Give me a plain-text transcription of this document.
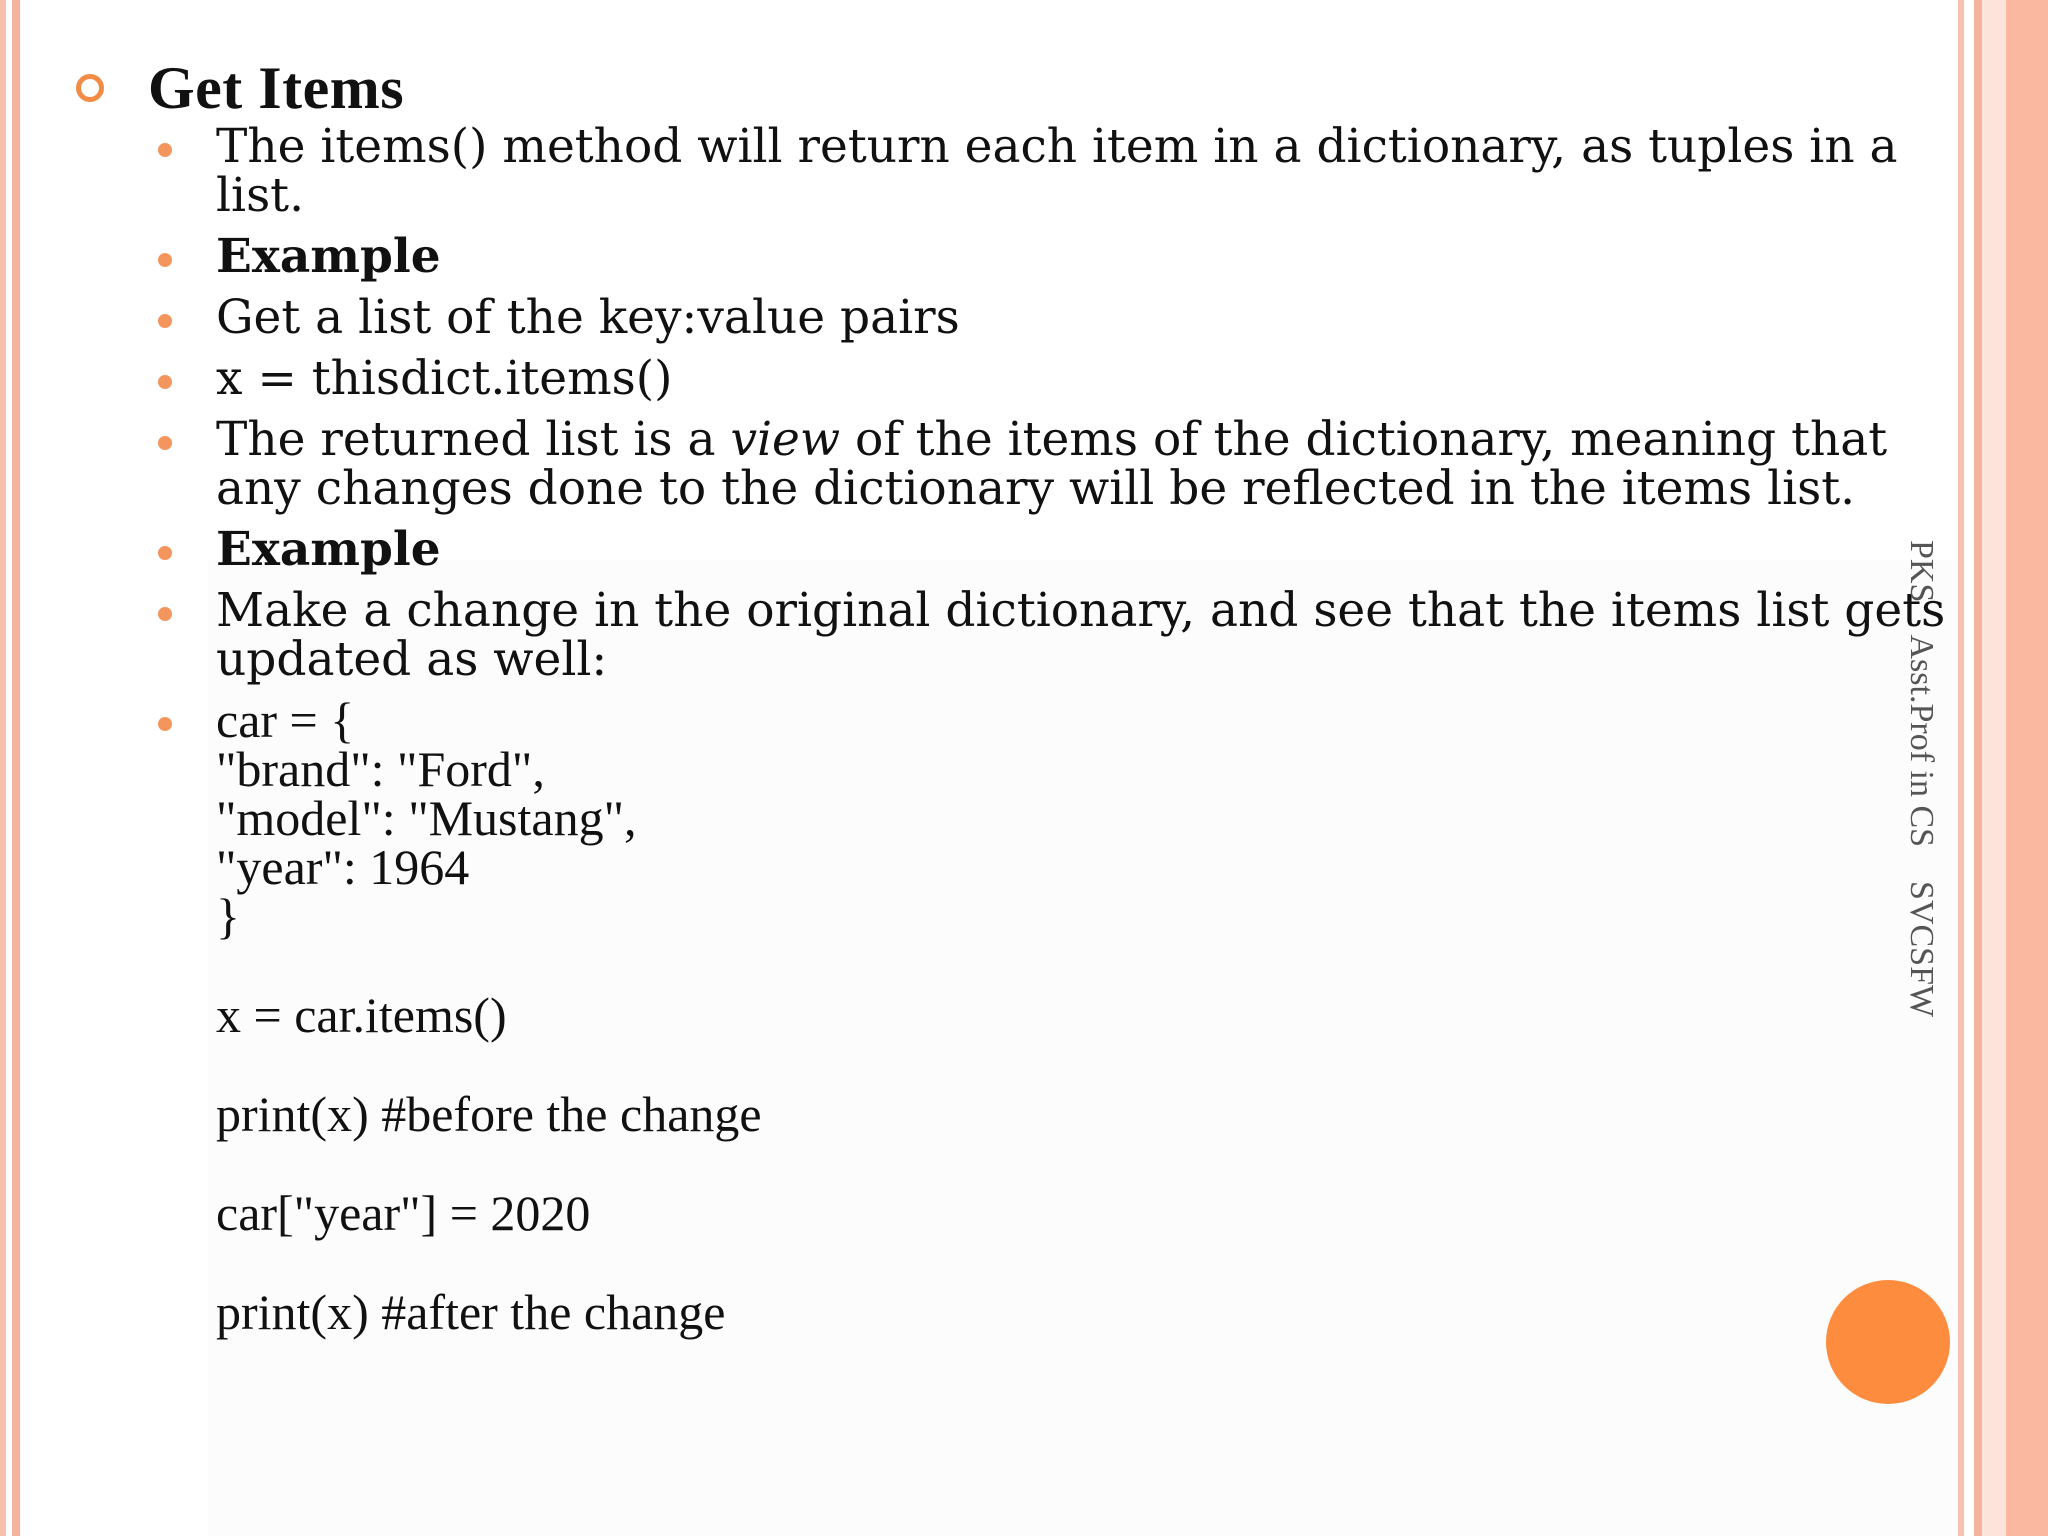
Get Items
The items() method will return each item in a dictionary, as tuples in a list.
Example
Get a list of the key:value pairs
x = thisdict.items()
The returned list is a view of the items of the dictionary, meaning that any changes done to the dictionary will be reflected in the items list.
Example
Make a change in the original dictionary, and see that the items list gets updated as well:
car = {
"brand": "Ford",
"model": "Mustang",
"year": 1964
}
x = car.items()
print(x) #before the change
car["year"] = 2020
print(x) #after the change
PKS    Asst.Prof in CS    SVCSFW
